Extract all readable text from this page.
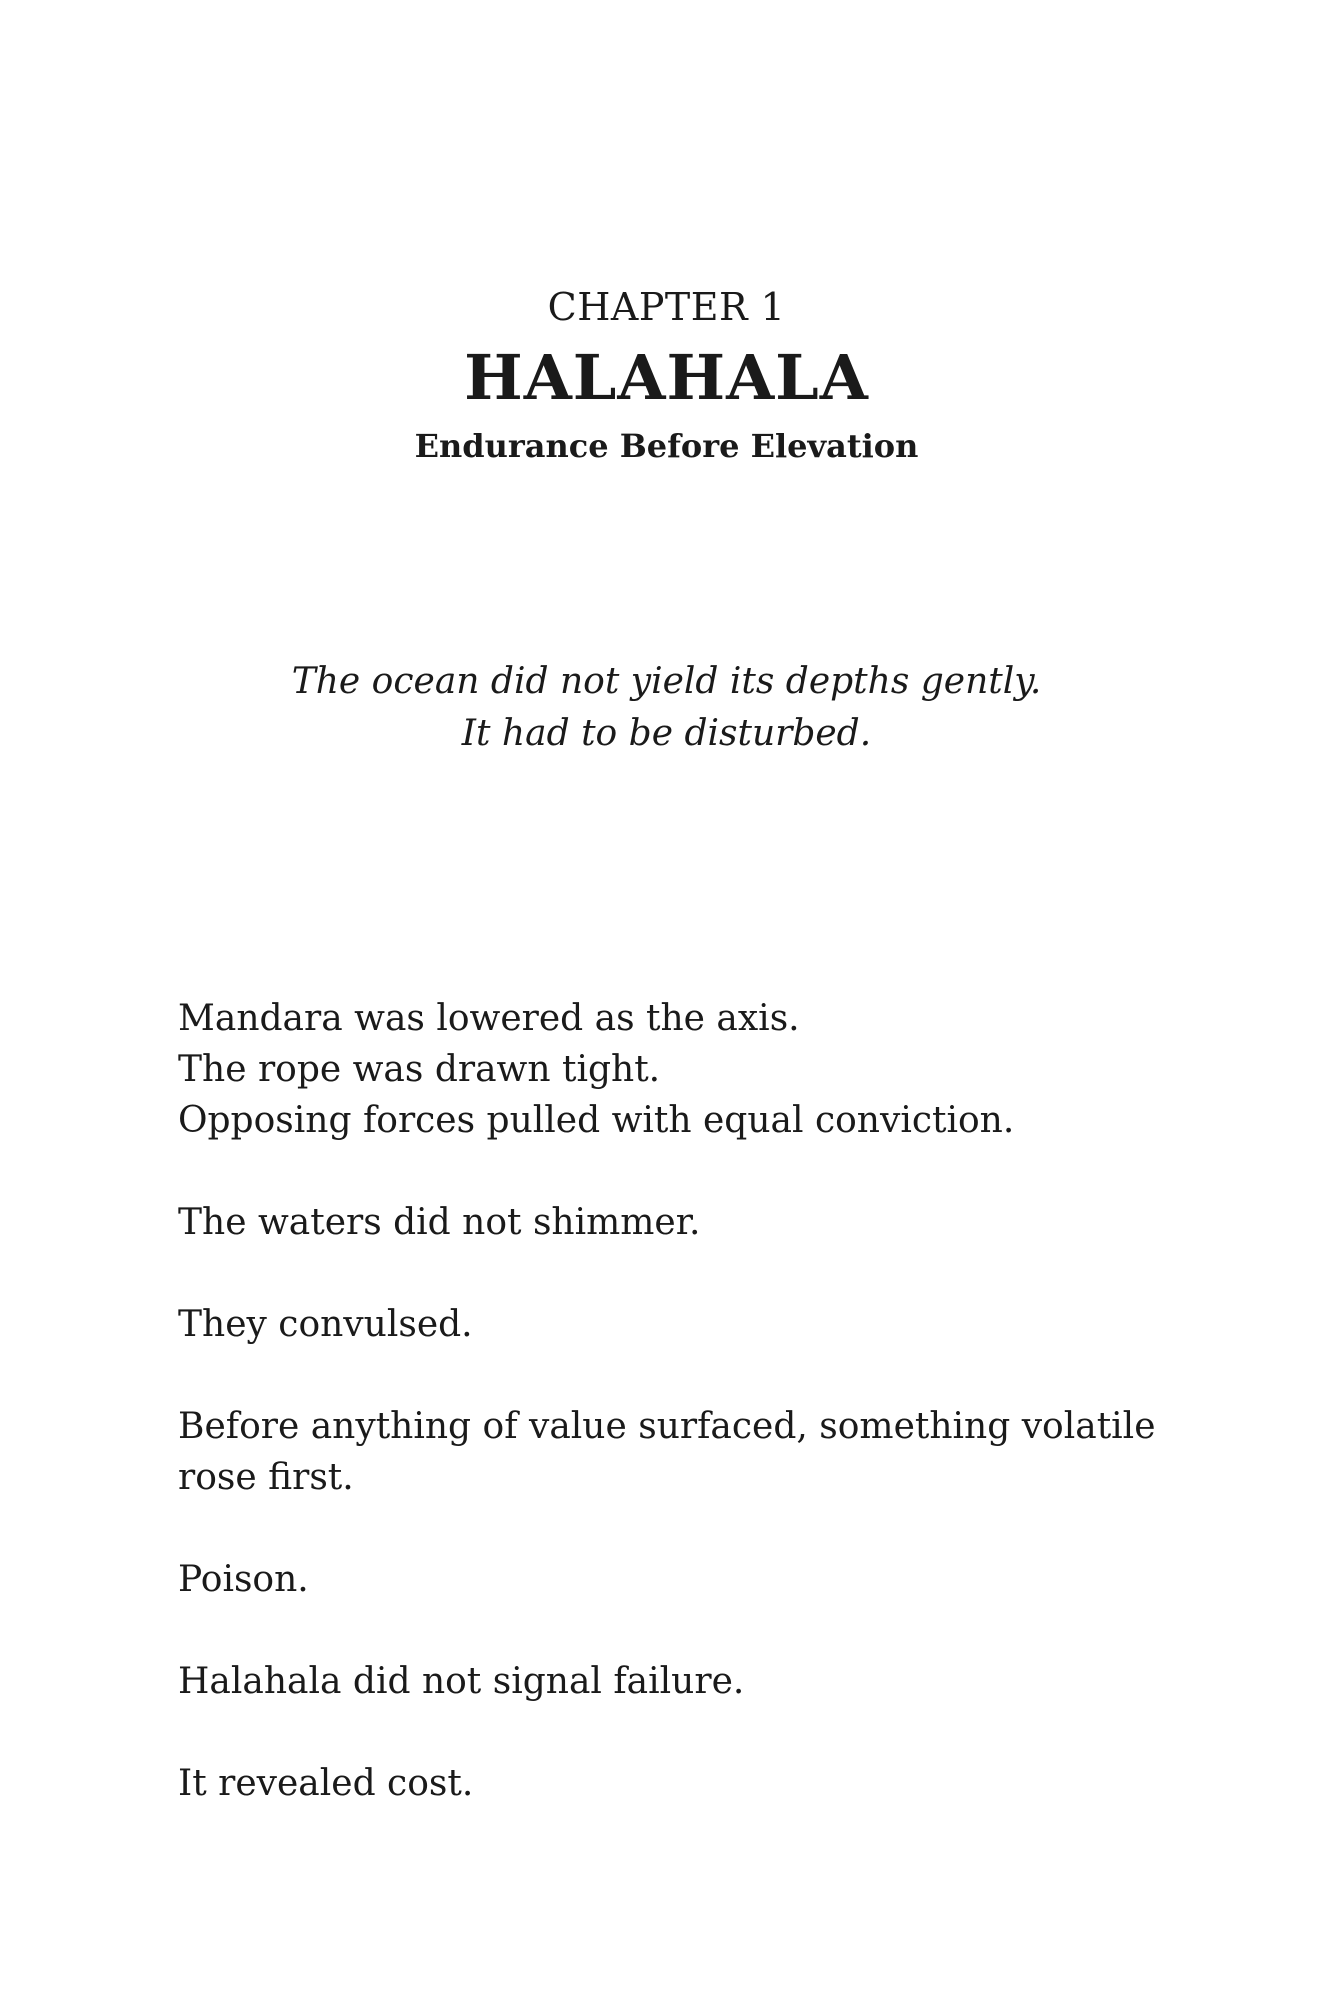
CHAPTER 1
HALAHALA
Endurance Before Elevation
The ocean did not yield its depths gently.
It had to be disturbed.
Mandara was lowered as the axis.
The rope was drawn tight.
Opposing forces pulled with equal conviction.
The waters did not shimmer.
They convulsed.
Before anything of value surfaced, something volatile
rose first.
Poison.
Halahala did not signal failure.
It revealed cost.
